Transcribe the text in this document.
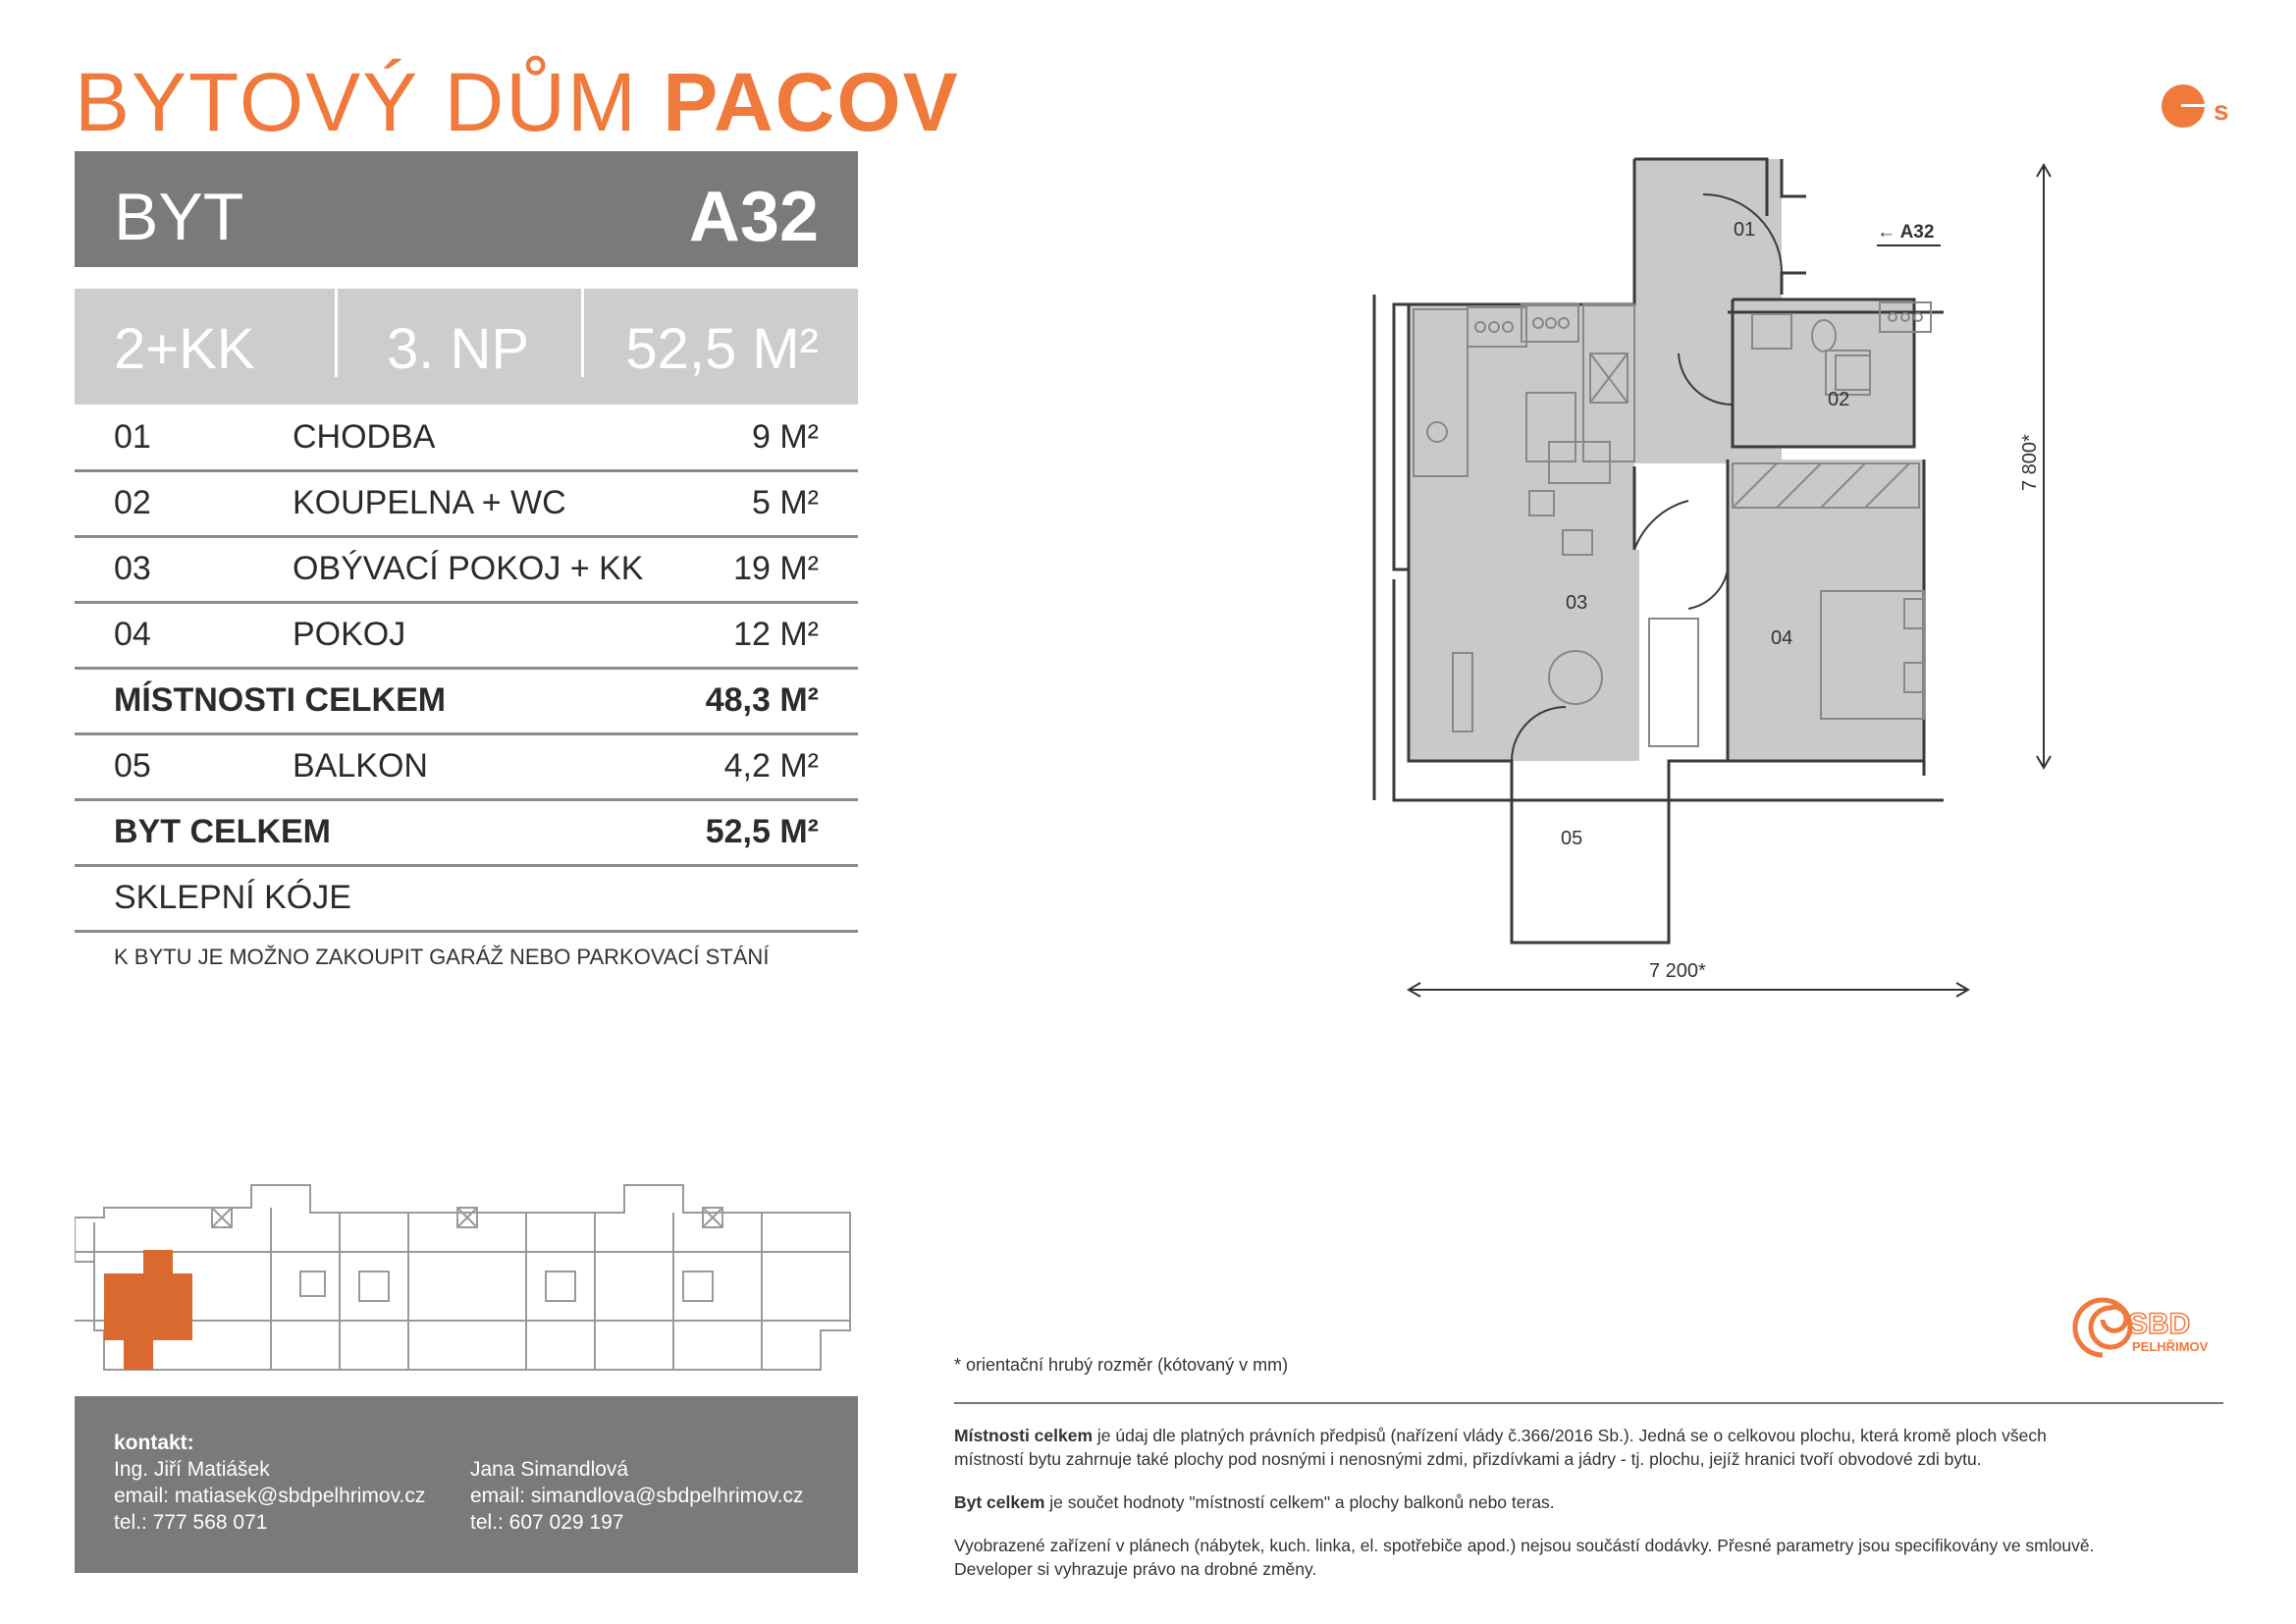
BYTOVÝ DŮM PACOV
BYT	A32
2+KK 3. NP 52,5 M²
01	CHODBA	9 M²
02	KOUPELNA + WC	5 M²
03	OBÝVACÍ POKOJ + KK	19 M²
04	POKOJ	12 M²
MÍSTNOSTI CELKEM	48,3 M²
05	BALKON	4,2 M²
BYT CELKEM	52,5 M²
SKLEPNÍ KÓJE
K BYTU JE MOŽNO ZAKOUPIT GARÁŽ NEBO PARKOVACÍ STÁNÍ
s
01
02
03
04
05
← A32
7 200*
7 800*
kontakt:
Ing. Jiří Matiášek
email: matiasek@sbdpelhrimov.cz
tel.: 777 568 071
Jana Simandlová
email: simandlova@sbdpelhrimov.cz
tel.: 607 029 197
SBD
PELHŘIMOV
* orientační hrubý rozměr (kótovaný v mm)
Místnosti celkem je údaj dle platných právních předpisů (nařízení vlády č.366/2016 Sb.). Jedná se o celkovou plochu, která kromě ploch všech
místností bytu zahrnuje také plochy pod nosnými i nenosnými zdmi, přizdívkami a jádry - tj. plochu, jejíž hranici tvoří obvodové zdi bytu.
Byt celkem je součet hodnoty "místností celkem" a plochy balkonů nebo teras.
Vyobrazené zařízení v plánech (nábytek, kuch. linka, el. spotřebiče apod.) nejsou součástí dodávky. Přesné parametry jsou specifikovány ve smlouvě.
Developer si vyhrazuje právo na drobné změny.
